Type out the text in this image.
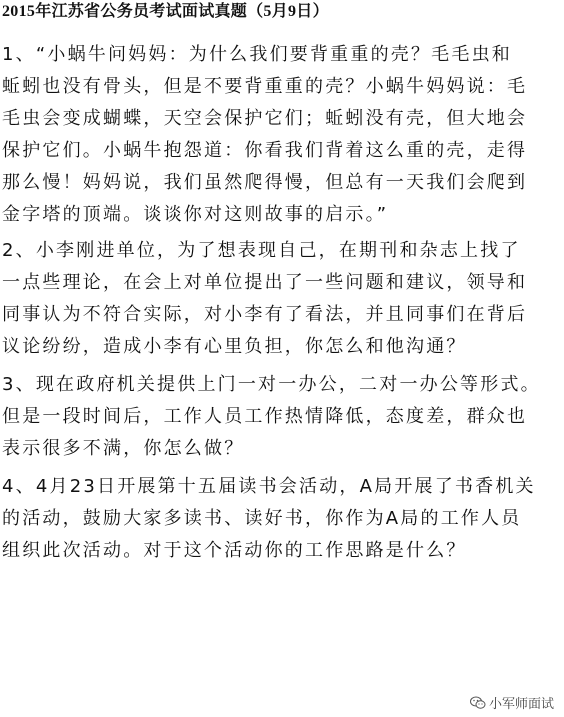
2015年江苏省公务员考试面试真题（5月9日）
1、“小蜗牛问妈妈：为什么我们要背重重的壳？毛毛虫和
蚯蚓也没有骨头，但是不要背重重的壳？小蜗牛妈妈说：毛
毛虫会变成蝴蝶，天空会保护它们；蚯蚓没有壳，但大地会
保护它们。小蜗牛抱怨道：你看我们背着这么重的壳，走得
那么慢！妈妈说，我们虽然爬得慢，但总有一天我们会爬到
金字塔的顶端。谈谈你对这则故事的启示。”
2、小李刚进单位，为了想表现自己，在期刊和杂志上找了
一点些理论，在会上对单位提出了一些问题和建议，领导和
同事认为不符合实际，对小李有了看法，并且同事们在背后
议论纷纷，造成小李有心里负担，你怎么和他沟通？
3、现在政府机关提供上门一对一办公，二对一办公等形式。
但是一段时间后，工作人员工作热情降低，态度差，群众也
表示很多不满，你怎么做？
4、4月23日开展第十五届读书会活动，A局开展了书香机关
的活动，鼓励大家多读书、读好书，你作为A局的工作人员
组织此次活动。对于这个活动你的工作思路是什么？
小军师面试
